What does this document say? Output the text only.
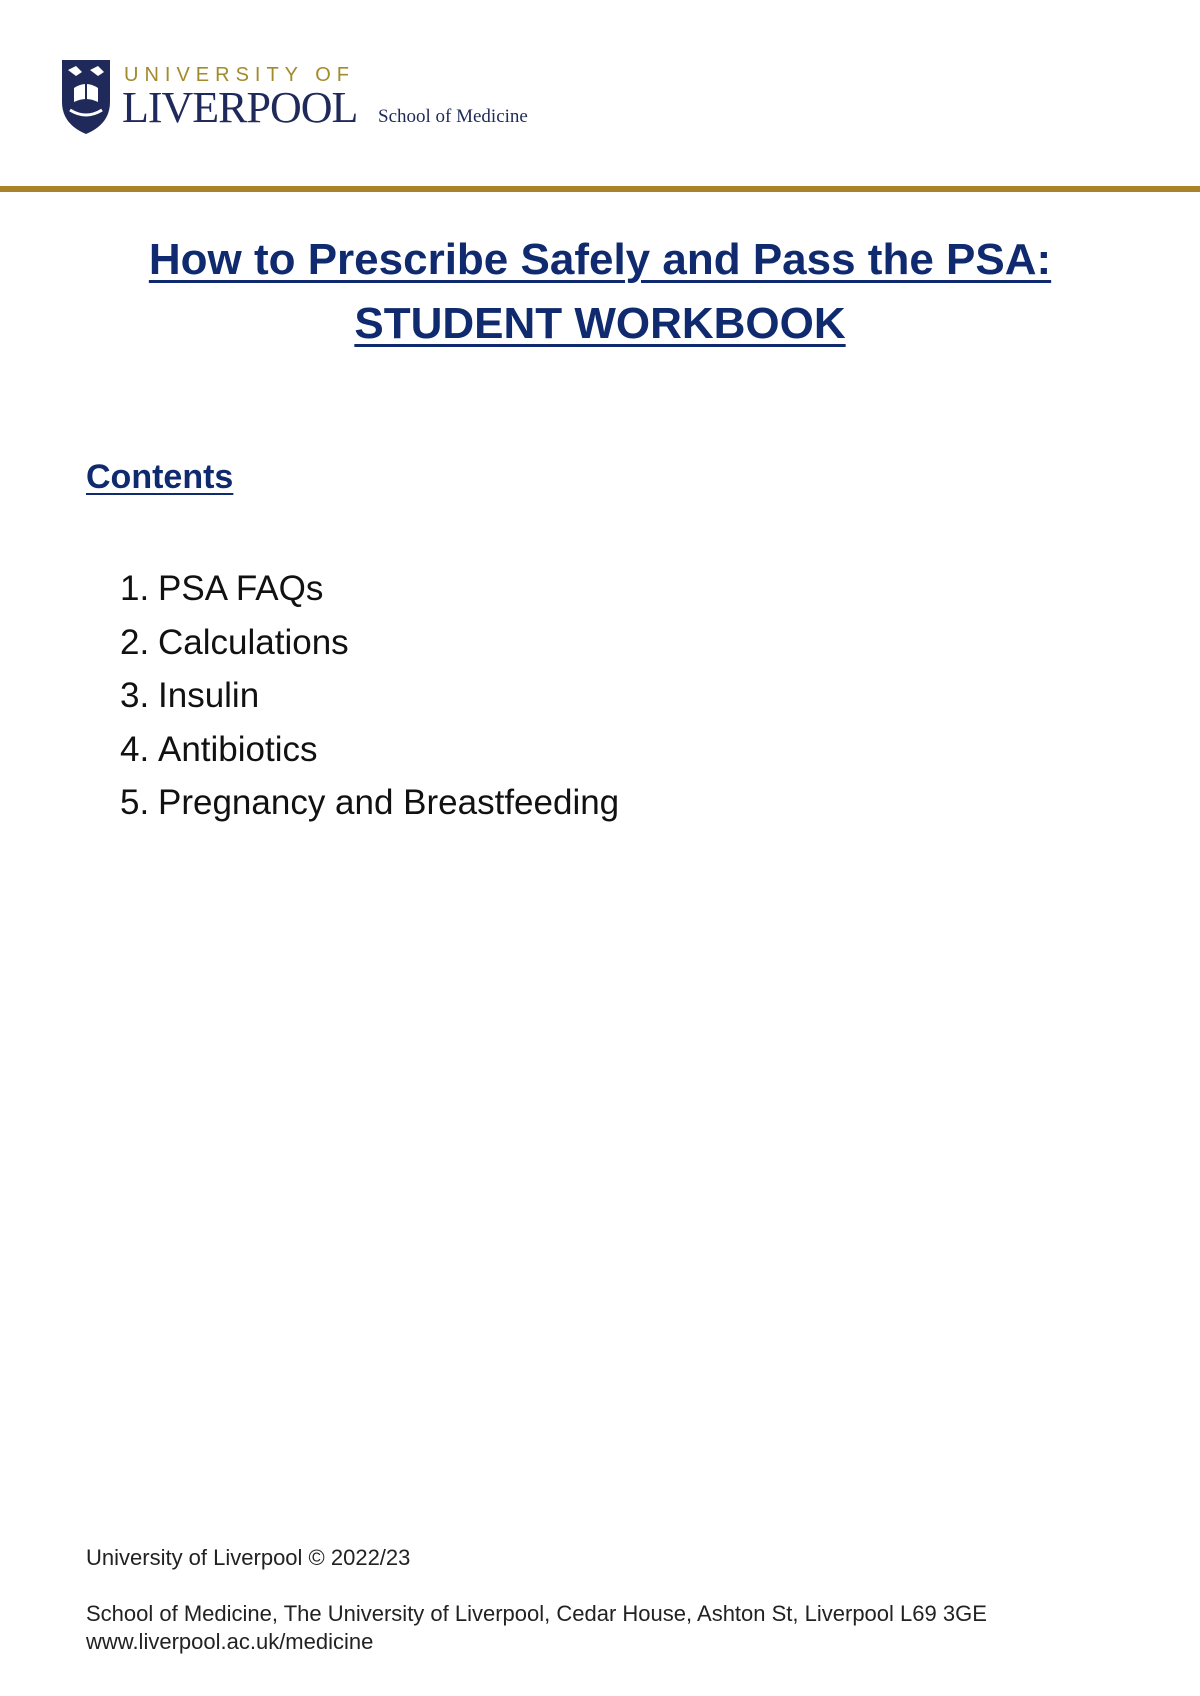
UNIVERSITY OF
LIVERPOOL School of Medicine
How to Prescribe Safely and Pass the PSA:
STUDENT WORKBOOK
Contents
1. PSA FAQs
2. Calculations
3. Insulin
4. Antibiotics
5. Pregnancy and Breastfeeding
University of Liverpool © 2022/23
School of Medicine, The University of Liverpool, Cedar House, Ashton St, Liverpool L69 3GE
www.liverpool.ac.uk/medicine
